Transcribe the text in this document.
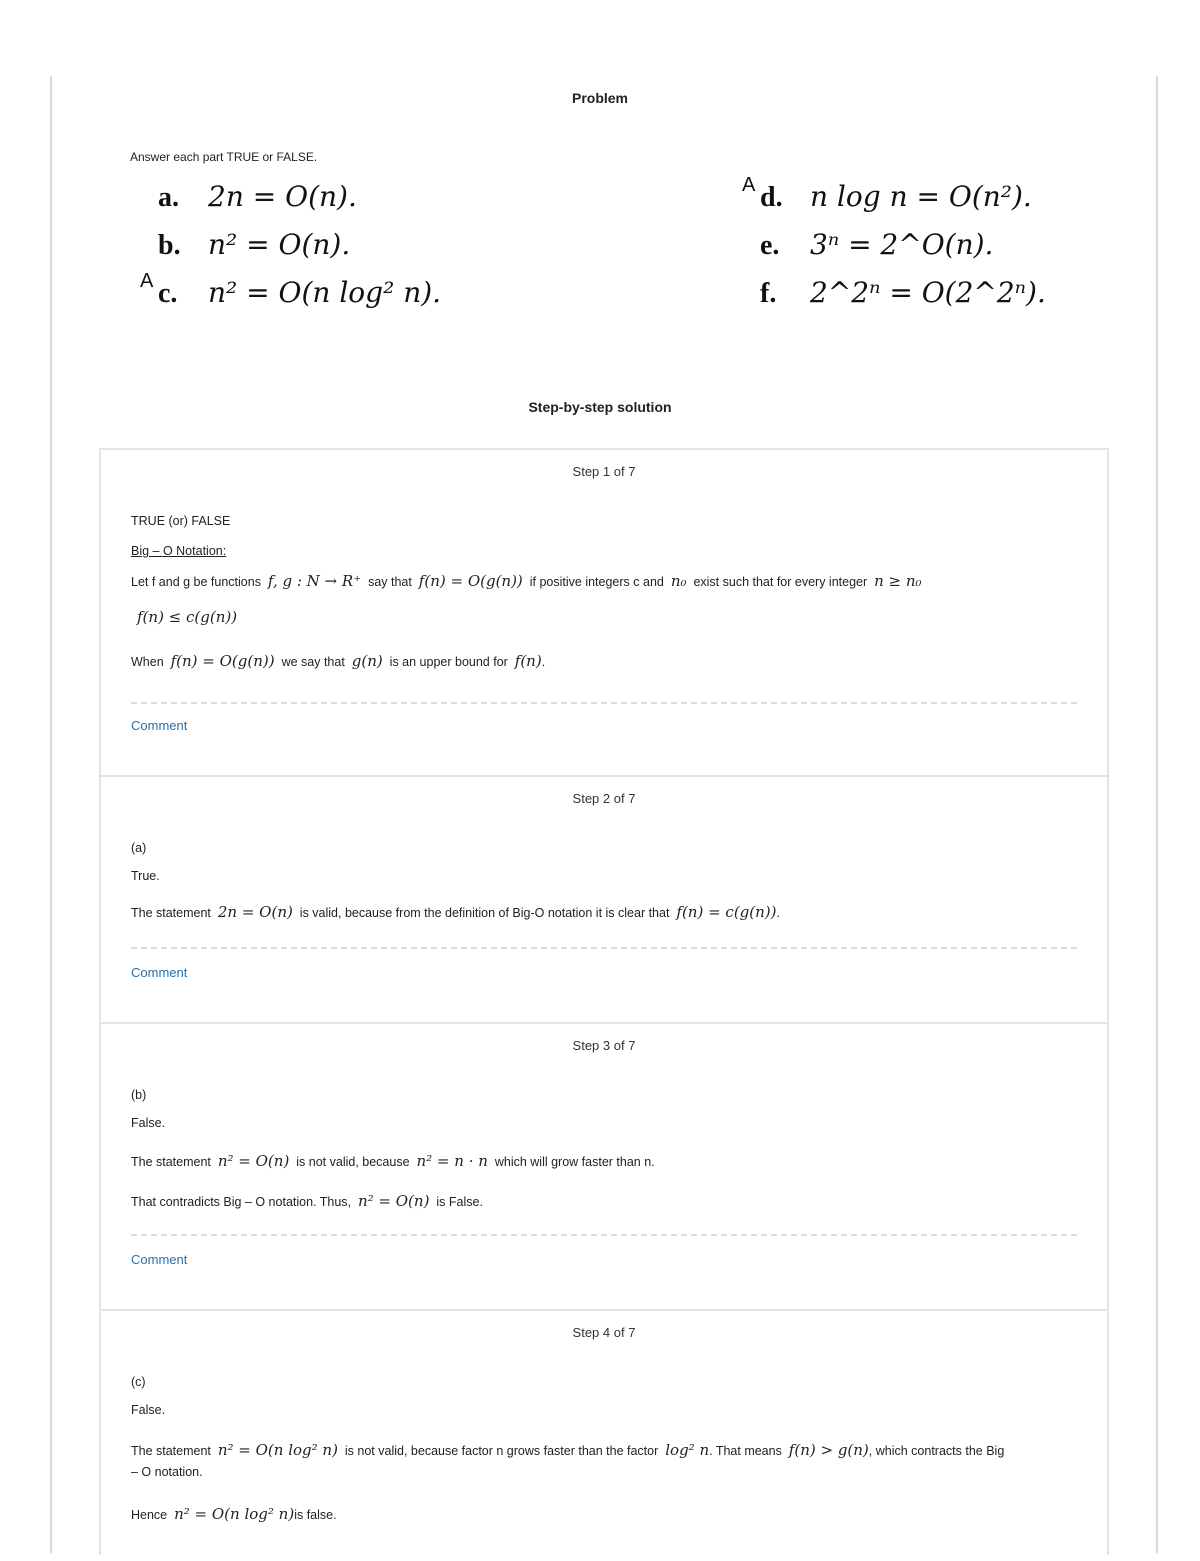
Problem
Answer each part TRUE or FALSE.
a. 2n = O(n).
b. n² = O(n).
A c. n² = O(n log² n).
A d. n log n = O(n²).
e. 3ⁿ = 2^O(n).
f. 2^2ⁿ = O(2^2ⁿ).
Step-by-step solution
Step 1 of 7
TRUE (or) FALSE
Big – O Notation:
Let f and g be functions f, g : N → R⁺ say that f(n) = O(g(n)) if positive integers c and n₀ exist such that for every integer n ≥ n₀
f(n) ≤ c(g(n))
When f(n) = O(g(n)) we say that g(n) is an upper bound for f(n).
Comment
Step 2 of 7
(a)
True.
The statement 2n = O(n) is valid, because from the definition of Big-O notation it is clear that f(n) = c(g(n)).
Comment
Step 3 of 7
(b)
False.
The statement n² = O(n) is not valid, because n² = n · n which will grow faster than n.
That contradicts Big – O notation. Thus, n² = O(n) is False.
Comment
Step 4 of 7
(c)
False.
The statement n² = O(n log² n) is not valid, because factor n grows faster than the factor log² n. That means f(n) > g(n), which contracts the Big
– O notation.
Hence n² = O(n log² n)is false.
